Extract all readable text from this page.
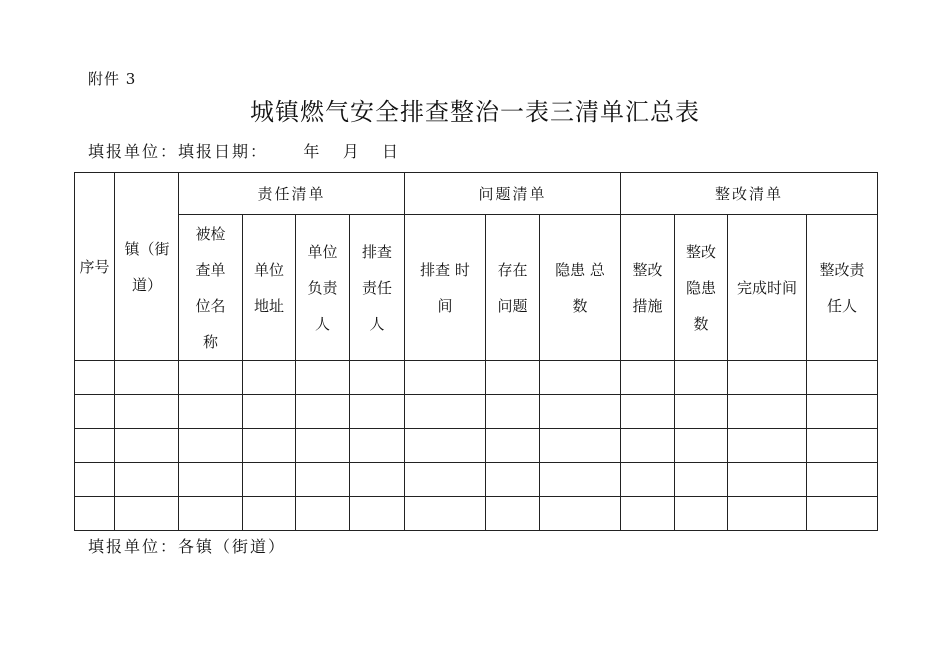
附件 3
城镇燃气安全排查整治一表三清单汇总表
填报单位：填报日期：     年   月   日
序号	镇（街道）	责任清单				问题清单			整改清单			
		被检查单位名称	单位地址	单位负责人	排查责任人	排查 时间	存在问题	隐患 总数	整改措施	整改隐患数	完成时间	整改责任人

填报单位：各镇（街道）
